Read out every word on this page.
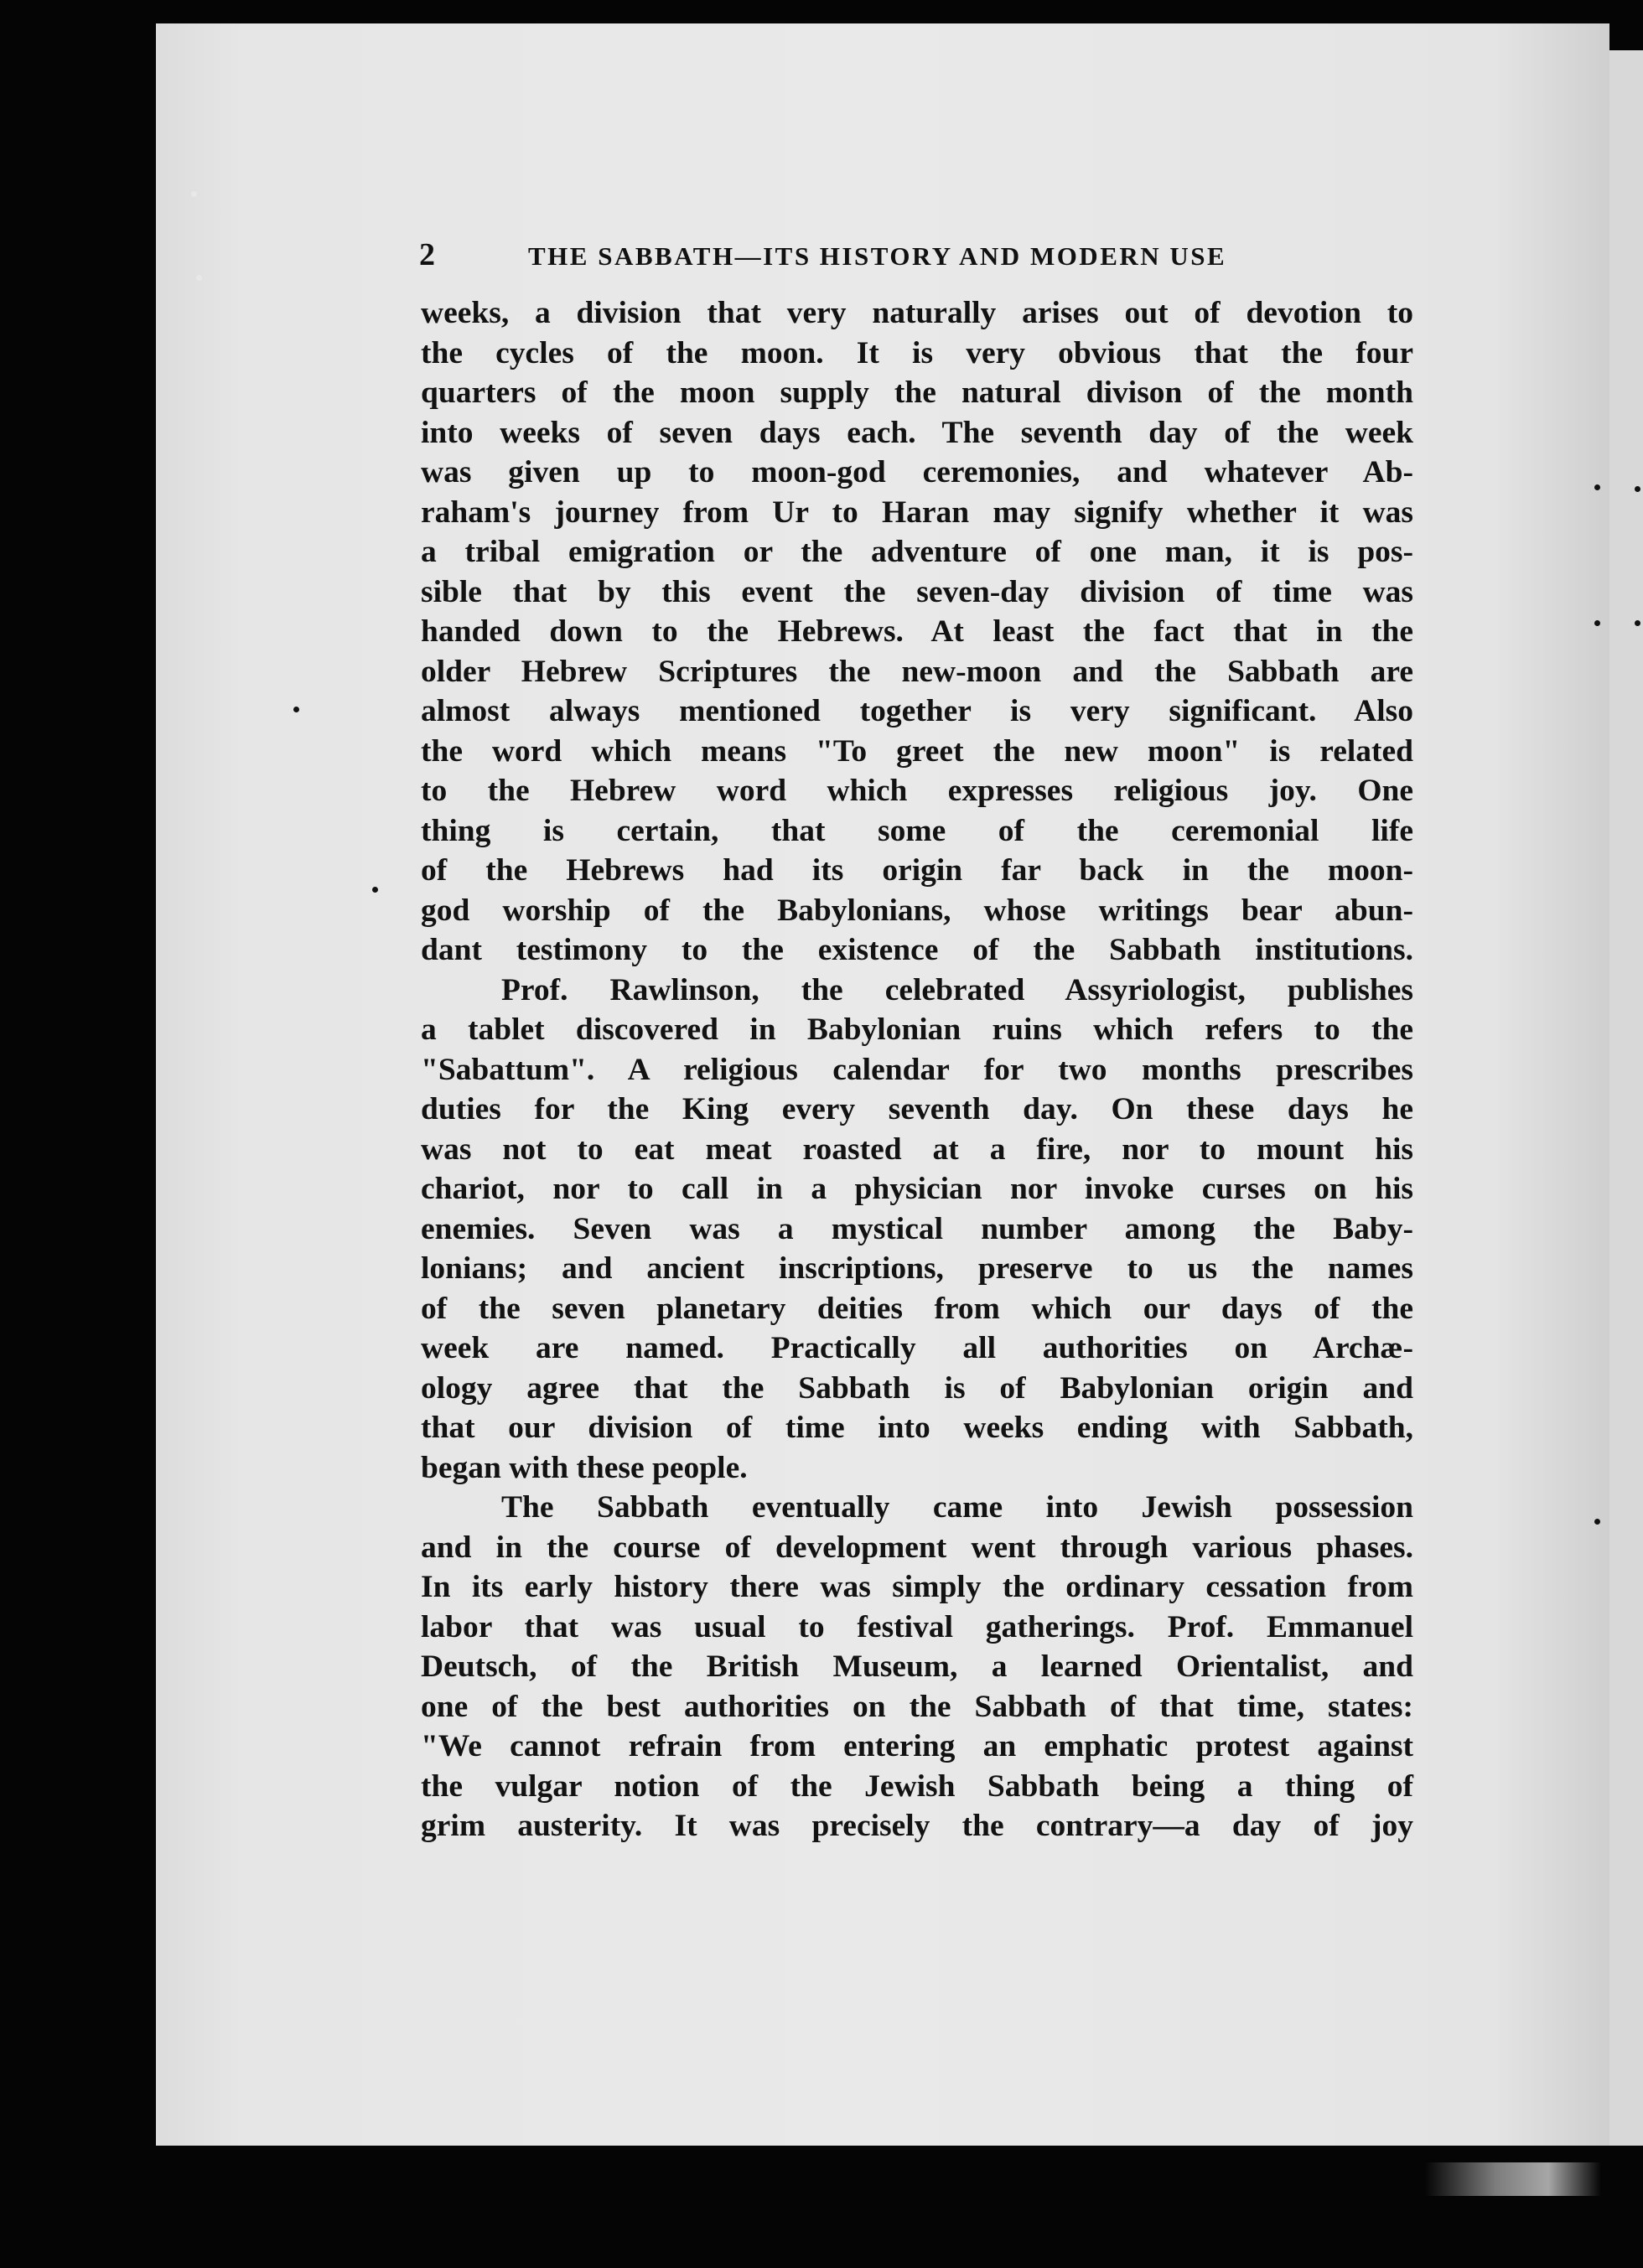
2	THE SABBATH—ITS HISTORY AND MODERN USE
weeks, a division that very naturally arises out of devotion to
the cycles of the moon. It is very obvious that the four
quarters of the moon supply the natural divison of the month
into weeks of seven days each. The seventh day of the week
was given up to moon-god ceremonies, and whatever Ab-
raham's journey from Ur to Haran may signify whether it was
a tribal emigration or the adventure of one man, it is pos-
sible that by this event the seven-day division of time was
handed down to the Hebrews. At least the fact that in the
older Hebrew Scriptures the new-moon and the Sabbath are
almost always mentioned together is very significant. Also
the word which means "To greet the new moon" is related
to the Hebrew word which expresses religious joy. One
thing is certain, that some of the ceremonial life
of the Hebrews had its origin far back in the moon-
god worship of the Babylonians, whose writings bear abun-
dant testimony to the existence of the Sabbath institutions.
Prof. Rawlinson, the celebrated Assyriologist, publishes
a tablet discovered in Babylonian ruins which refers to the
"Sabattum". A religious calendar for two months prescribes
duties for the King every seventh day. On these days he
was not to eat meat roasted at a fire, nor to mount his
chariot, nor to call in a physician nor invoke curses on his
enemies. Seven was a mystical number among the Baby-
lonians; and ancient inscriptions, preserve to us the names
of the seven planetary deities from which our days of the
week are named. Practically all authorities on Archæ-
ology agree that the Sabbath is of Babylonian origin and
that our division of time into weeks ending with Sabbath,
began with these people.
The Sabbath eventually came into Jewish possession
and in the course of development went through various phases.
In its early history there was simply the ordinary cessation from
labor that was usual to festival gatherings. Prof. Emmanuel
Deutsch, of the British Museum, a learned Orientalist, and
one of the best authorities on the Sabbath of that time, states:
"We cannot refrain from entering an emphatic protest against
the vulgar notion of the Jewish Sabbath being a thing of
grim austerity. It was precisely the contrary—a day of joy
